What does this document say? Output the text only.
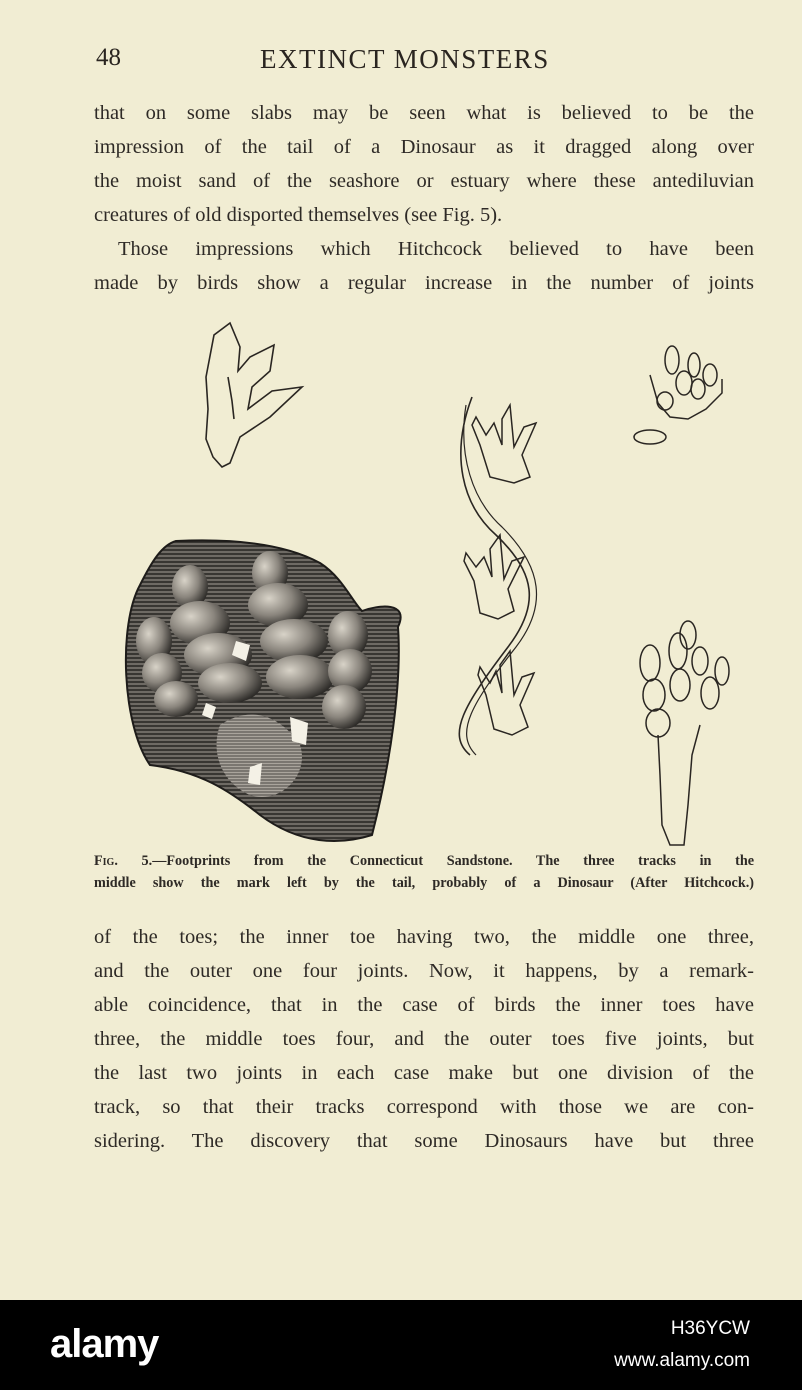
48	EXTINCT MONSTERS
that on some slabs may be seen what is believed to be the
impression of the tail of a Dinosaur as it dragged along over
the moist sand of the seashore or estuary where these antediluvian
creatures of old disported themselves (see Fig. 5).
Those impressions which Hitchcock believed to have been
made by birds show a regular increase in the number of joints
Fig. 5.—Footprints from the Connecticut Sandstone. The three tracks in the
middle show the mark left by the tail, probably of a Dinosaur (After Hitchcock.)
of the toes; the inner toe having two, the middle one three,
and the outer one four joints. Now, it happens, by a remark-
able coincidence, that in the case of birds the inner toes have
three, the middle toes four, and the outer toes five joints, but
the last two joints in each case make but one division of the
track, so that their tracks correspond with those we are con-
sidering. The discovery that some Dinosaurs have but three
alamy	H36YCW
www.alamy.com
